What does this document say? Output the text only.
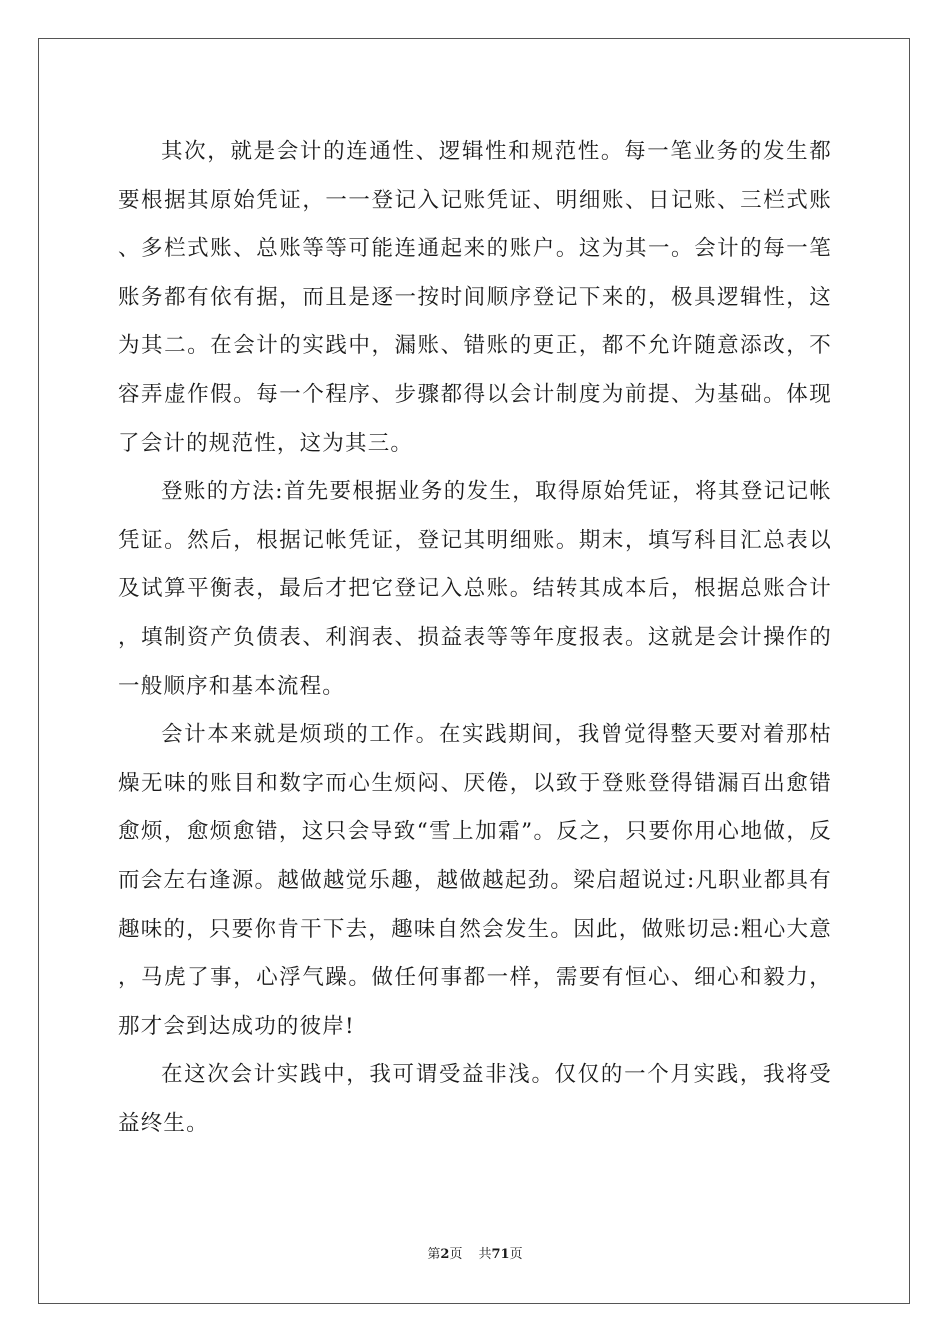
其次，就是会计的连通性、逻辑性和规范性。每一笔业务的发生都要根据其原始凭证，一一登记入记账凭证、明细账、日记账、三栏式账、多栏式账、总账等等可能连通起来的账户。这为其一。会计的每一笔账务都有依有据，而且是逐一按时间顺序登记下来的，极具逻辑性，这为其二。在会计的实践中，漏账、错账的更正，都不允许随意添改，不容弄虚作假。每一个程序、步骤都得以会计制度为前提、为基础。体现了会计的规范性，这为其三。

登账的方法:首先要根据业务的发生，取得原始凭证，将其登记记帐凭证。然后，根据记帐凭证，登记其明细账。期末，填写科目汇总表以及试算平衡表，最后才把它登记入总账。结转其成本后，根据总账合计，填制资产负债表、利润表、损益表等等年度报表。这就是会计操作的一般顺序和基本流程。

会计本来就是烦琐的工作。在实践期间，我曾觉得整天要对着那枯燥无味的账目和数字而心生烦闷、厌倦，以致于登账登得错漏百出愈错愈烦，愈烦愈错，这只会导致“雪上加霜”。反之，只要你用心地做，反而会左右逢源。越做越觉乐趣，越做越起劲。梁启超说过:凡职业都具有趣味的，只要你肯干下去，趣味自然会发生。因此，做账切忌:粗心大意，马虎了事，心浮气躁。做任何事都一样，需要有恒心、细心和毅力，那才会到达成功的彼岸!

在这次会计实践中，我可谓受益非浅。仅仅的一个月实践，我将受益终生。

第2页 共71页
